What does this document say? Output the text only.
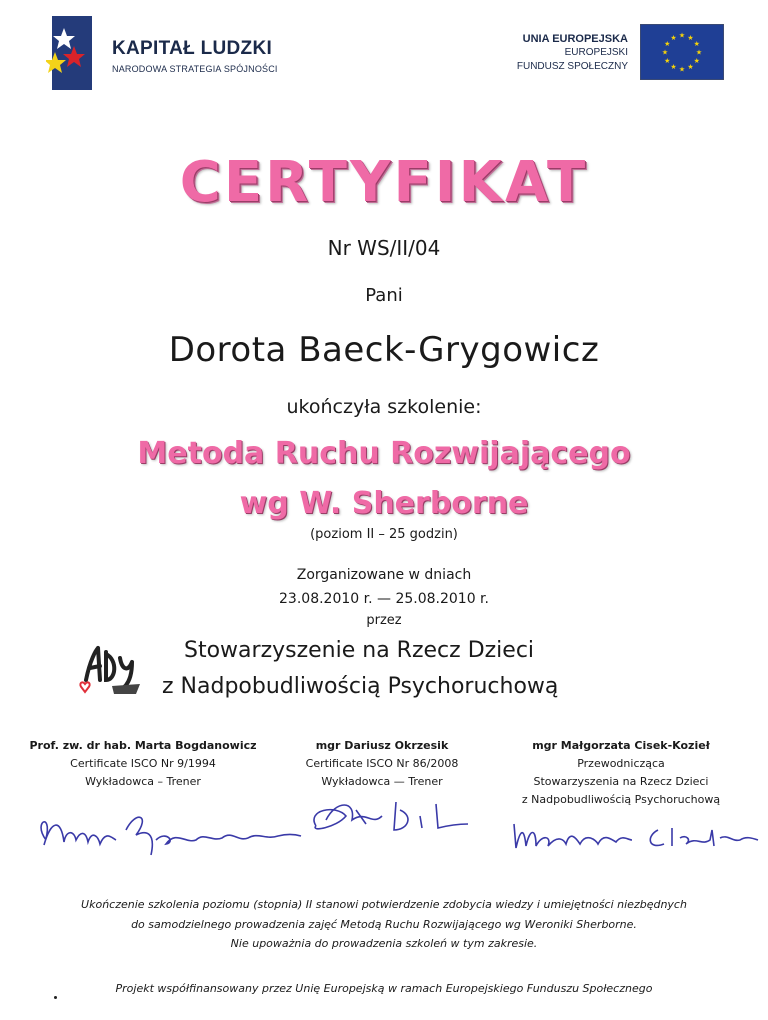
KAPITAŁ LUDZKI
NARODOWA STRATEGIA SPÓJNOŚCI
UNIA EUROPEJSKA
EUROPEJSKI
FUNDUSZ SPOŁECZNY
★
★
★
★
★
★
★
★
★ ★ ★
★
CERTYFIKAT
Nr WS/II/04
Pani
Dorota Baeck-Grygowicz
ukończyła szkolenie:
Metoda Ruchu Rozwijającego
wg W. Sherborne
(poziom II – 25 godzin)
Zorganizowane w dniach
23.08.2010 r. — 25.08.2010 r.
przez
Stowarzyszenie na Rzecz Dzieci
z Nadpobudliwością Psychoruchową
Prof. zw. dr hab. Marta Bogdanowicz
Certificate ISCO Nr 9/1994
Wykładowca – Trener
mgr Dariusz Okrzesik
Certificate ISCO Nr 86/2008
Wykładowca — Trener
mgr Małgorzata Cisek-Kozieł
Przewodnicząca
Stowarzyszenia na Rzecz Dzieci
z Nadpobudliwością Psychoruchową
Ukończenie szkolenia poziomu (stopnia) II stanowi potwierdzenie zdobycia wiedzy i umiejętności niezbędnych
do samodzielnego prowadzenia zajęć Metodą Ruchu Rozwijającego wg Weroniki Sherborne.
Nie upoważnia do prowadzenia szkoleń w tym zakresie.
Projekt współfinansowany przez Unię Europejską w ramach Europejskiego Funduszu Społecznego
